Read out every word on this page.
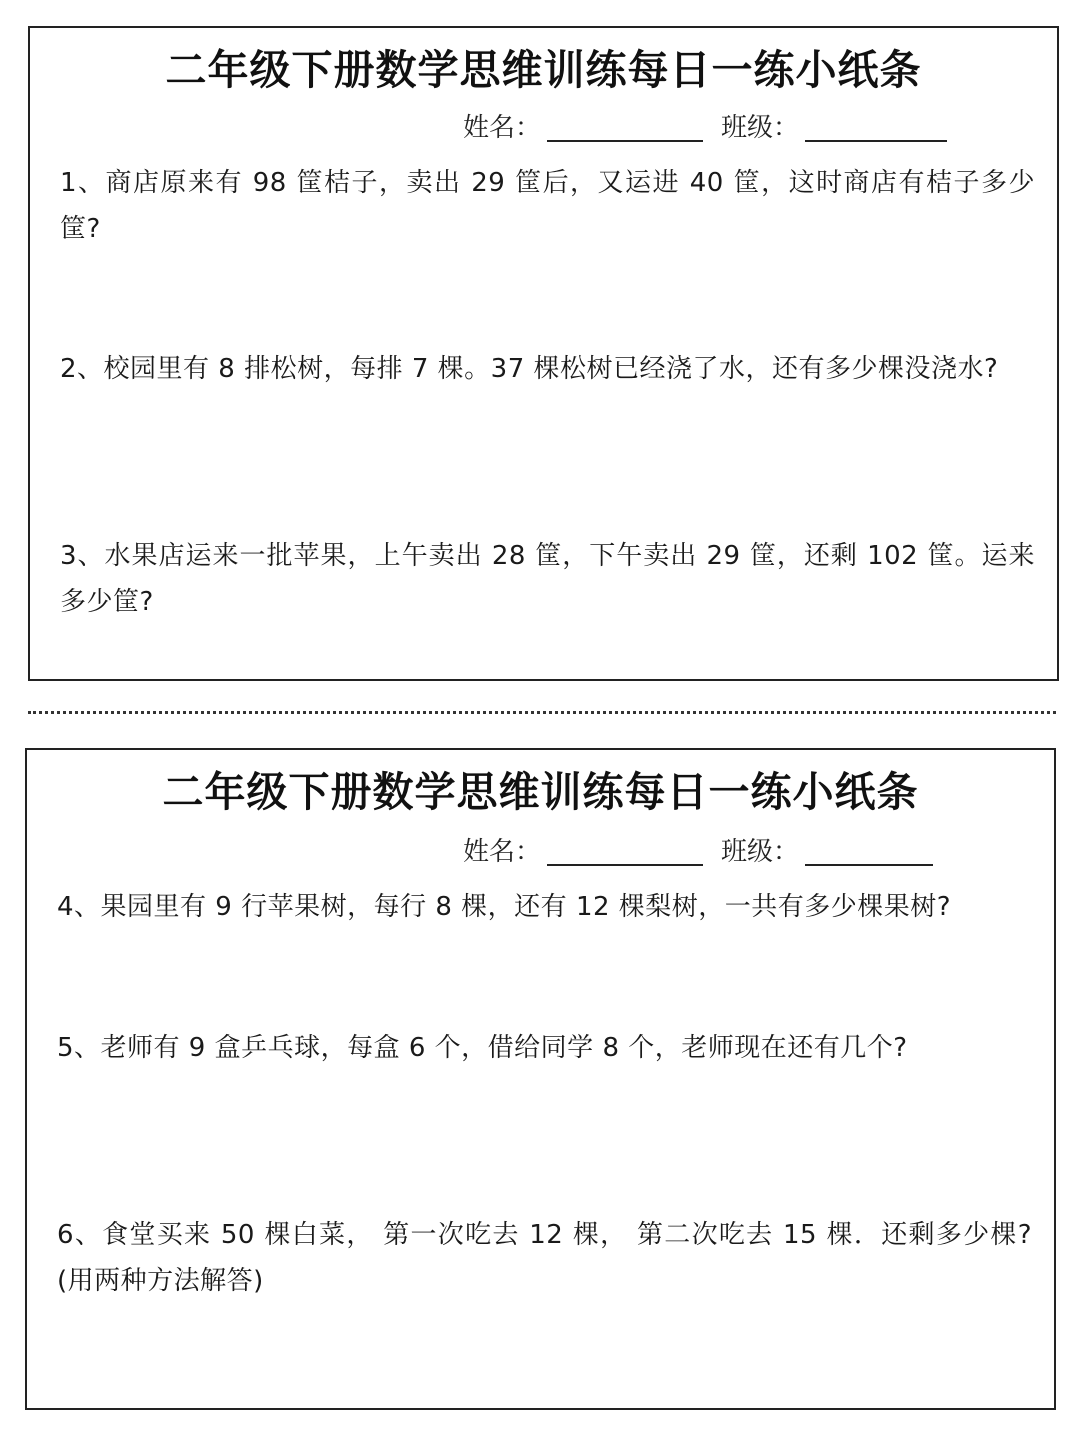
二年级下册数学思维训练每日一练小纸条
姓名：	班级：
1、商店原来有 98 筐桔子，卖出 29 筐后，又运进 40 筐，这时商店有桔子多少筐?
2、校园里有 8 排松树，每排 7 棵。37 棵松树已经浇了水，还有多少棵没浇水?
3、水果店运来一批苹果，上午卖出 28 筐，下午卖出 29 筐，还剩 102 筐。运来多少筐?
二年级下册数学思维训练每日一练小纸条
姓名：	班级：
4、果园里有 9 行苹果树，每行 8 棵，还有 12 棵梨树，一共有多少棵果树?
5、老师有 9 盒乒乓球，每盒 6 个，借给同学 8 个，老师现在还有几个?
6、食堂买来 50 棵白菜， 第一次吃去 12 棵， 第二次吃去 15 棵．还剩多少棵?(用两种方法解答)
